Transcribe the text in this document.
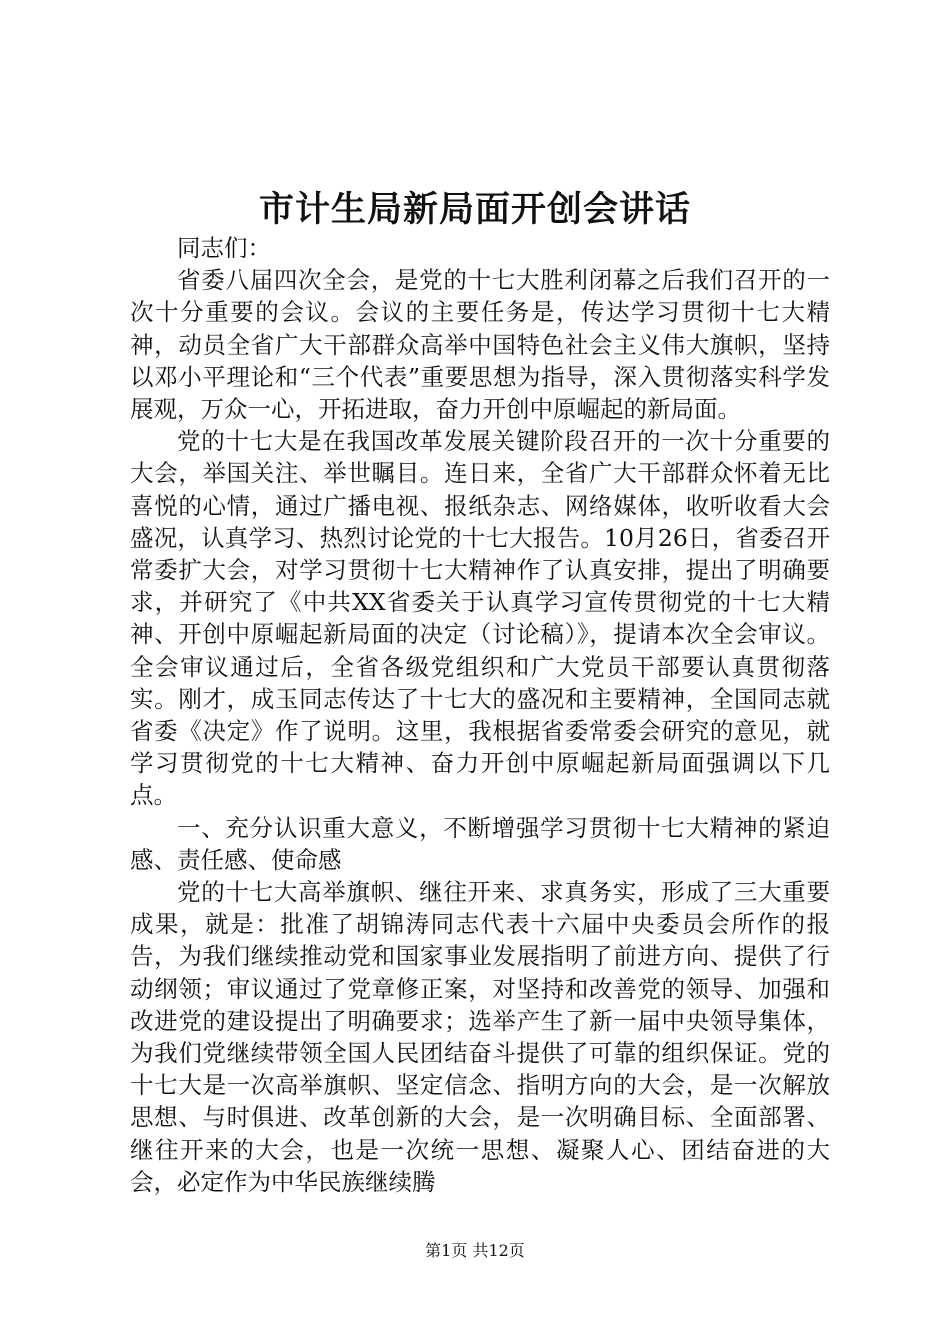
市计生局新局面开创会讲话

同志们：

省委八届四次全会，是党的十七大胜利闭幕之后我们召开的一次十分重要的会议。会议的主要任务是，传达学习贯彻十七大精神，动员全省广大干部群众高举中国特色社会主义伟大旗帜，坚持以邓小平理论和“三个代表”重要思想为指导，深入贯彻落实科学发展观，万众一心，开拓进取，奋力开创中原崛起的新局面。

党的十七大是在我国改革发展关键阶段召开的一次十分重要的大会，举国关注、举世瞩目。连日来，全省广大干部群众怀着无比喜悦的心情，通过广播电视、报纸杂志、网络媒体，收听收看大会盛况，认真学习、热烈讨论党的十七大报告。10月26日，省委召开常委扩大会，对学习贯彻十七大精神作了认真安排，提出了明确要求，并研究了《中共XX省委关于认真学习宣传贯彻党的十七大精神、开创中原崛起新局面的决定（讨论稿）》，提请本次全会审议。全会审议通过后，全省各级党组织和广大党员干部要认真贯彻落实。刚才，成玉同志传达了十七大的盛况和主要精神，全国同志就省委《决定》作了说明。这里，我根据省委常委会研究的意见，就学习贯彻党的十七大精神、奋力开创中原崛起新局面强调以下几点。

一、充分认识重大意义，不断增强学习贯彻十七大精神的紧迫感、责任感、使命感

党的十七大高举旗帜、继往开来、求真务实，形成了三大重要成果，就是：批准了胡锦涛同志代表十六届中央委员会所作的报告，为我们继续推动党和国家事业发展指明了前进方向、提供了行动纲领；审议通过了党章修正案，对坚持和改善党的领导、加强和改进党的建设提出了明确要求；选举产生了新一届中央领导集体，为我们党继续带领全国人民团结奋斗提供了可靠的组织保证。党的十七大是一次高举旗帜、坚定信念、指明方向的大会，是一次解放思想、与时俱进、改革创新的大会，是一次明确目标、全面部署、继往开来的大会，也是一次统一思想、凝聚人心、团结奋进的大会，必定作为中华民族继续腾

第1页 共12页
